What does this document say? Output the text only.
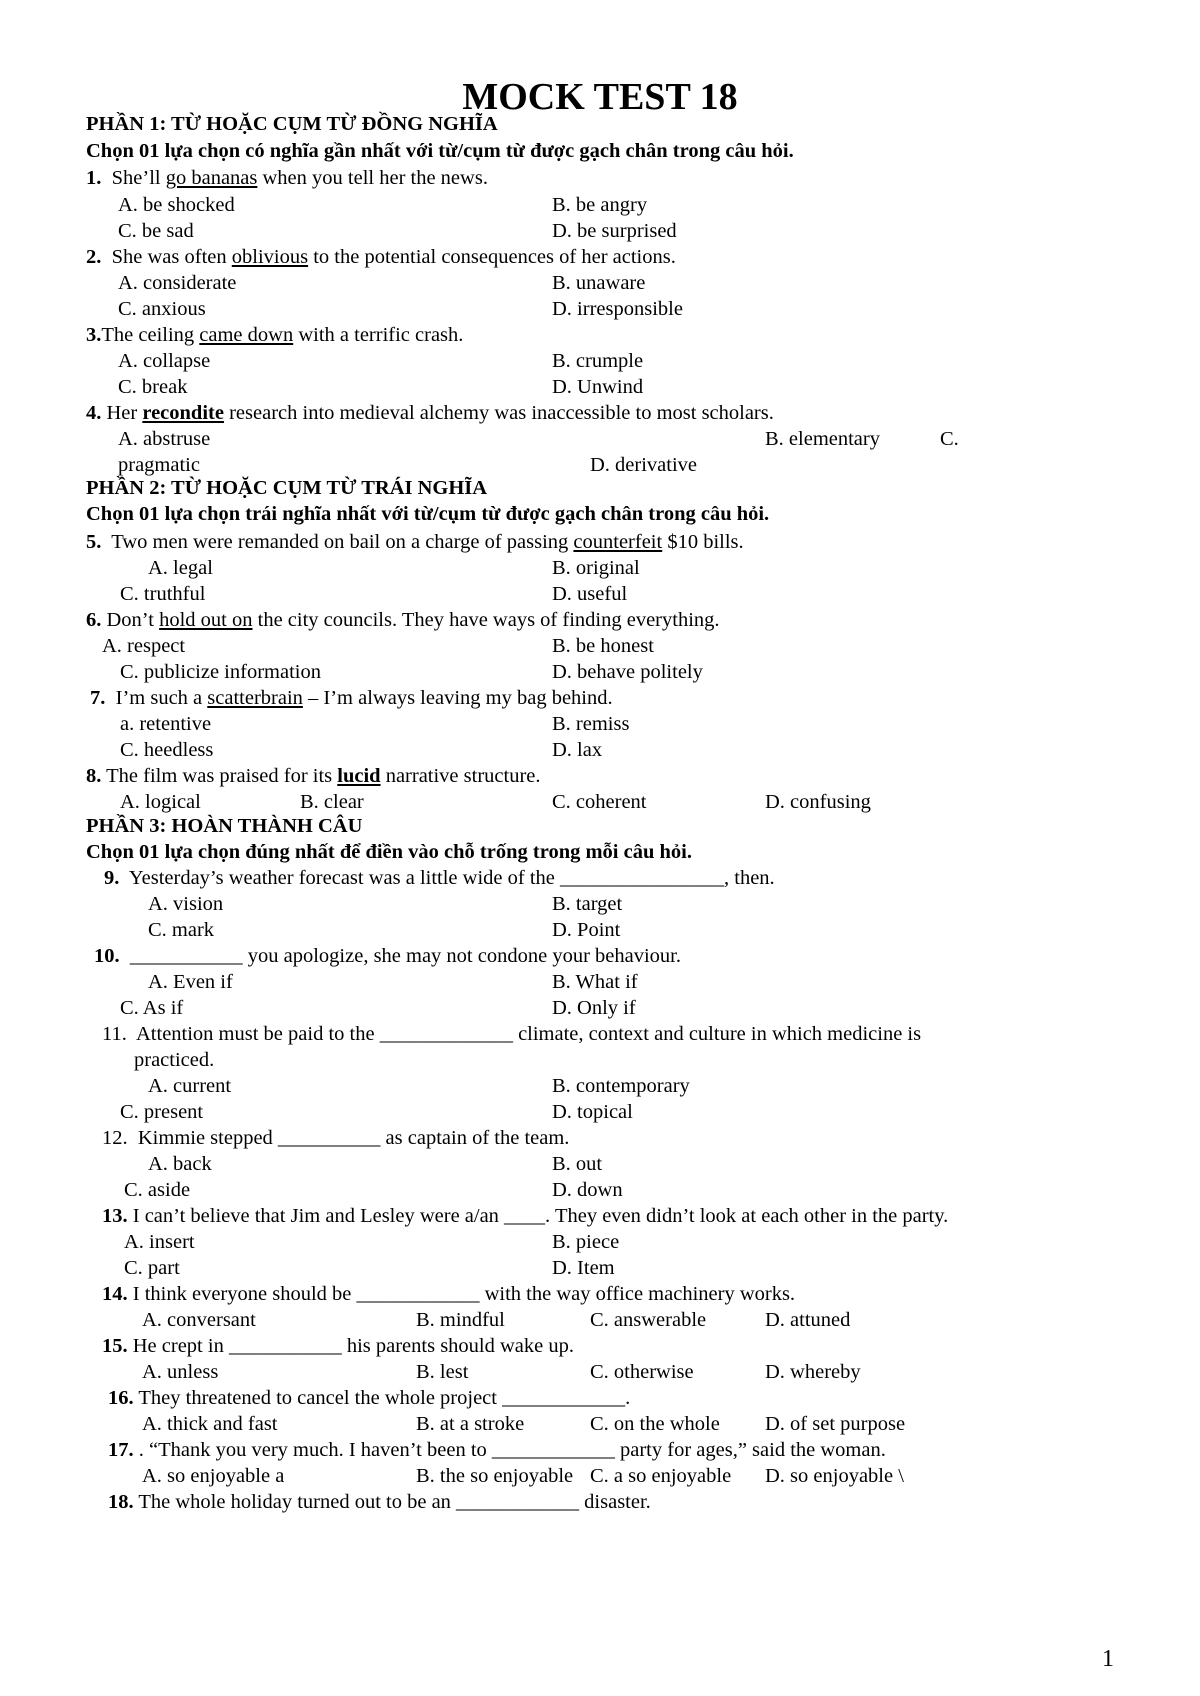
MOCK TEST 18
PHẦN 1: TỪ HOẶC CỤM TỪ ĐỒNG NGHĨA
Chọn 01 lựa chọn có nghĩa gần nhất với từ/cụm từ được gạch chân trong câu hỏi.
1. She’ll go bananas when you tell her the news.
A. be shocked	B. be angry
C. be sad	D. be surprised
2. She was often oblivious to the potential consequences of her actions.
A. considerate	B. unaware
C. anxious	D. irresponsible
3.The ceiling came down with a terrific crash.
A. collapse	B. crumple
C. break	D. Unwind
4. Her recondite research into medieval alchemy was inaccessible to most scholars.
A. abstruse	B. elementary	C.
pragmatic	D. derivative
PHẦN 2: TỪ HOẶC CỤM TỪ TRÁI NGHĨA
Chọn 01 lựa chọn trái nghĩa nhất với từ/cụm từ được gạch chân trong câu hỏi.
5. Two men were remanded on bail on a charge of passing counterfeit $10 bills.
A. legal	B. original
C. truthful	D. useful
6. Don’t hold out on the city councils. They have ways of finding everything.
A. respect	B. be honest
C. publicize information	D. behave politely
7. I’m such a scatterbrain – I’m always leaving my bag behind.
a. retentive	B. remiss
C. heedless	D. lax
8. The film was praised for its lucid narrative structure.
A. logical	B. clear	C. coherent	D. confusing
PHẦN 3: HOÀN THÀNH CÂU
Chọn 01 lựa chọn đúng nhất để điền vào chỗ trống trong mỗi câu hỏi.
9. Yesterday’s weather forecast was a little wide of the ________________, then.
A. vision	B. target
C. mark	D. Point
10. ___________ you apologize, she may not condone your behaviour.
A. Even if	B. What if
C. As if	D. Only if
11. Attention must be paid to the _____________ climate, context and culture in which medicine is
practiced.
A. current	B. contemporary
C. present	D. topical
12. Kimmie stepped __________ as captain of the team.
A. back	B. out
C. aside	D. down
13. I can’t believe that Jim and Lesley were a/an ____. They even didn’t look at each other in the party.
A. insert	B. piece
C. part	D. Item
14. I think everyone should be ____________ with the way office machinery works.
A. conversant	B. mindful	C. answerable	D. attuned
15. He crept in ___________ his parents should wake up.
A. unless	B. lest	C. otherwise	D. whereby
16. They threatened to cancel the whole project ____________.
A. thick and fast	B. at a stroke	C. on the whole D. of set purpose
17. . “Thank you very much. I haven’t been to ____________ party for ages,” said the woman.
A. so enjoyable a	B. the so enjoyable C. a so enjoyable D. so enjoyable \
18. The whole holiday turned out to be an ____________ disaster.
1
